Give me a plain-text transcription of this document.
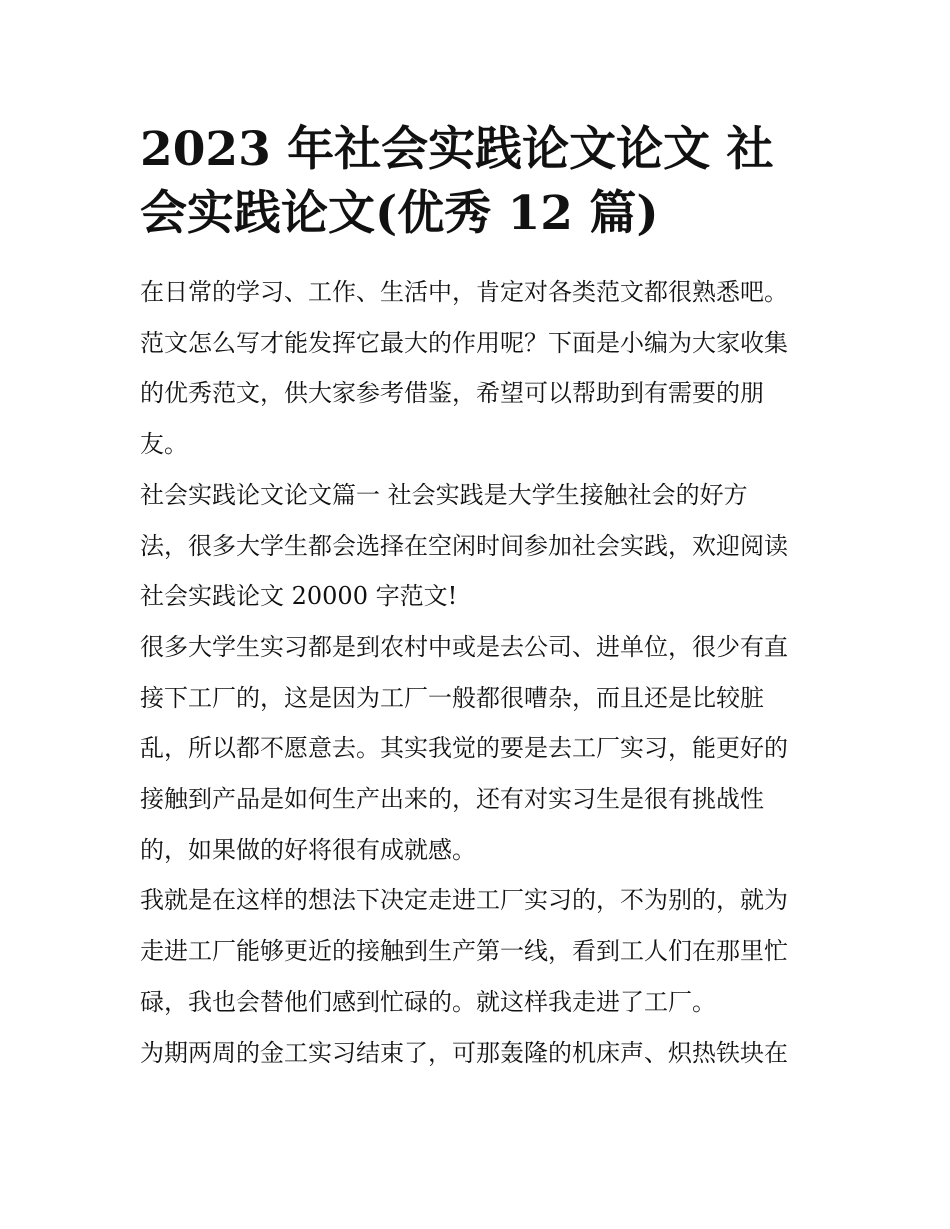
2023 年社会实践论文论文 社
会实践论文(优秀 12 篇)

在日常的学习、工作、生活中，肯定对各类范文都很熟悉吧。
范文怎么写才能发挥它最大的作用呢？下面是小编为大家收集
的优秀范文，供大家参考借鉴，希望可以帮助到有需要的朋
友。

社会实践论文论文篇一 社会实践是大学生接触社会的好方
法，很多大学生都会选择在空闲时间参加社会实践，欢迎阅读
社会实践论文 20000 字范文!

很多大学生实习都是到农村中或是去公司、进单位，很少有直
接下工厂的，这是因为工厂一般都很嘈杂，而且还是比较脏
乱，所以都不愿意去。其实我觉的要是去工厂实习，能更好的
接触到产品是如何生产出来的，还有对实习生是很有挑战性
的，如果做的好将很有成就感。

我就是在这样的想法下决定走进工厂实习的，不为别的，就为
走进工厂能够更近的接触到生产第一线，看到工人们在那里忙
碌，我也会替他们感到忙碌的。就这样我走进了工厂。

为期两周的金工实习结束了，可那轰隆的机床声、炽热铁块在
